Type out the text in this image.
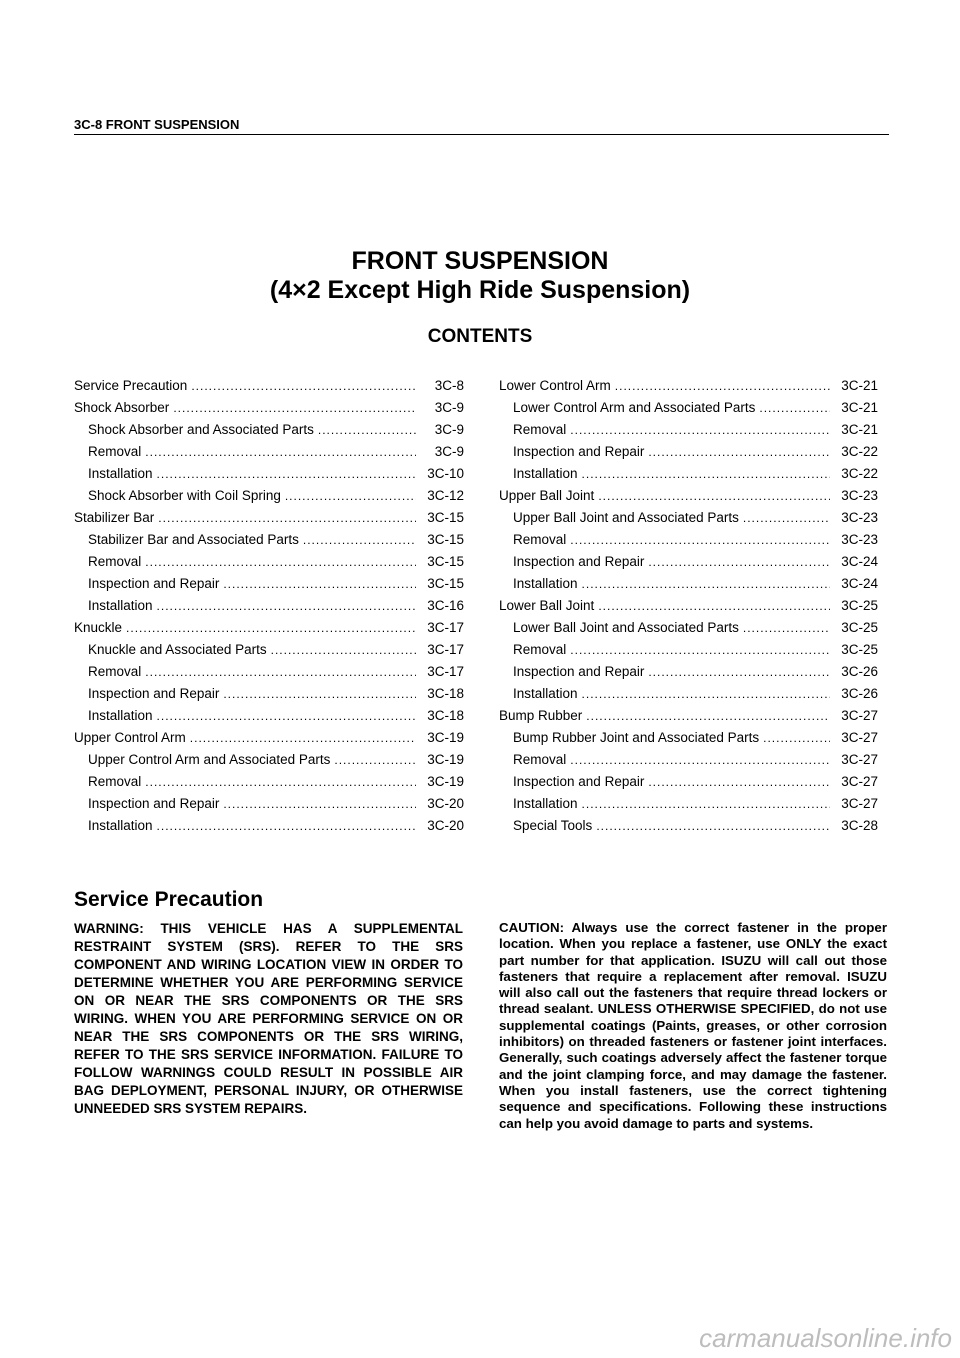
3C-8 FRONT SUSPENSION
FRONT SUSPENSION
(4×2 Except High Ride Suspension)
CONTENTS
Service Precaution .....	3C-8
Shock Absorber .....	3C-9
Shock Absorber and Associated Parts .....	3C-9
Removal .....	3C-9
Installation .....	3C-10
Shock Absorber with Coil Spring .....	3C-12
Stabilizer Bar .....	3C-15
Stabilizer Bar and Associated Parts .....	3C-15
Removal .....	3C-15
Inspection and Repair .....	3C-15
Installation .....	3C-16
Knuckle .....	3C-17
Knuckle and Associated Parts .....	3C-17
Removal .....	3C-17
Inspection and Repair .....	3C-18
Installation .....	3C-18
Upper Control Arm .....	3C-19
Upper Control Arm and Associated Parts .....	3C-19
Removal .....	3C-19
Inspection and Repair .....	3C-20
Installation .....	3C-20
Lower Control Arm .....	3C-21
Lower Control Arm and Associated Parts .....	3C-21
Removal .....	3C-21
Inspection and Repair .....	3C-22
Installation .....	3C-22
Upper Ball Joint .....	3C-23
Upper Ball Joint and Associated Parts .....	3C-23
Removal .....	3C-23
Inspection and Repair .....	3C-24
Installation .....	3C-24
Lower Ball Joint .....	3C-25
Lower Ball Joint and Associated Parts .....	3C-25
Removal .....	3C-25
Inspection and Repair .....	3C-26
Installation .....	3C-26
Bump Rubber .....	3C-27
Bump Rubber Joint and Associated Parts .....	3C-27
Removal .....	3C-27
Inspection and Repair .....	3C-27
Installation .....	3C-27
Special Tools .....	3C-28
Service Precaution
WARNING: THIS VEHICLE HAS A SUPPLEMENTAL RESTRAINT SYSTEM (SRS). REFER TO THE SRS COMPONENT AND WIRING LOCATION VIEW IN ORDER TO DETERMINE WHETHER YOU ARE PERFORMING SERVICE ON OR NEAR THE SRS COMPONENTS OR THE SRS WIRING. WHEN YOU ARE PERFORMING SERVICE ON OR NEAR THE SRS COMPONENTS OR THE SRS WIRING, REFER TO THE SRS SERVICE INFORMATION. FAILURE TO FOLLOW WARNINGS COULD RESULT IN POSSIBLE AIR BAG DEPLOYMENT, PERSONAL INJURY, OR OTHERWISE UNNEEDED SRS SYSTEM REPAIRS.
CAUTION: Always use the correct fastener in the proper location. When you replace a fastener, use ONLY the exact part number for that application. ISUZU will call out those fasteners that require a replacement after removal. ISUZU will also call out the fasteners that require thread lockers or thread sealant. UNLESS OTHERWISE SPECIFIED, do not use supplemental coatings (Paints, greases, or other corrosion inhibitors) on threaded fasteners or fastener joint interfaces. Generally, such coatings adversely affect the fastener torque and the joint clamping force, and may damage the fastener. When you install fasteners, use the correct tightening sequence and specifications. Following these instructions can help you avoid damage to parts and systems.
carmanualsonline.info
